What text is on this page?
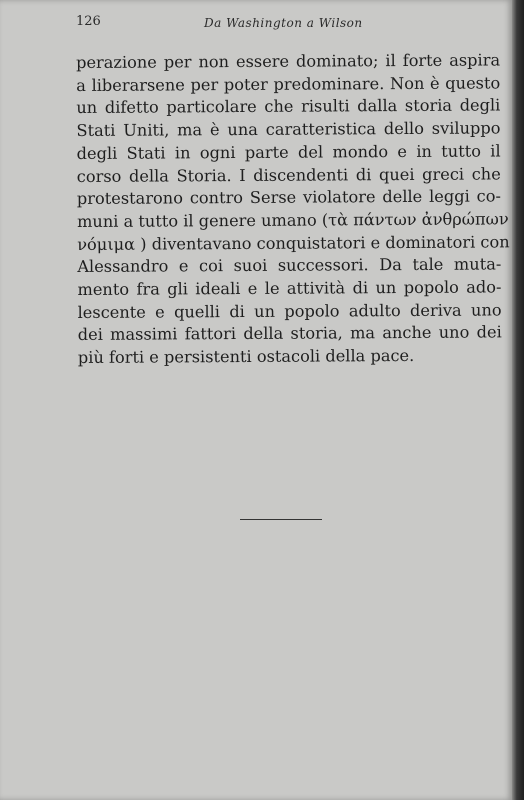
126	Da Washington a Wilson
perazione per non essere dominato; il forte aspira
a liberarsene per poter predominare. Non è questo
un difetto particolare che risulti dalla storia degli
Stati Uniti, ma è una caratteristica dello sviluppo
degli Stati in ogni parte del mondo e in tutto il
corso della Storia. I discendenti di quei greci che
protestarono contro Serse violatore delle leggi co-
muni a tutto il genere umano (τὰ πάντων ἀνθρώπων
νόμιμα ) diventavano conquistatori e dominatori con
Alessandro e coi suoi successori. Da tale muta-
mento fra gli ideali e le attività di un popolo ado-
lescente e quelli di un popolo adulto deriva uno
dei massimi fattori della storia, ma anche uno dei
più forti e persistenti ostacoli della pace.
